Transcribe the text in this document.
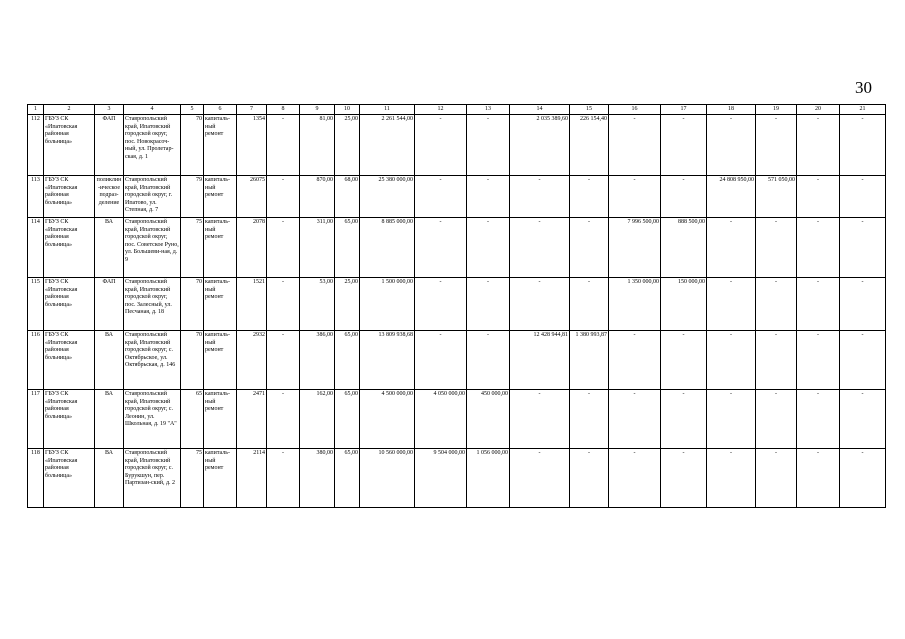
30
1	2	3	4	5	6	7	8	9	10	11	12	13	14	15	16	17	18	19	20	21
112	ГБУЗ СК «Ипатовская районная больница»	ФАП	Ставропольский край, Ипатовский городской округ, пос. Новокрасоч-ный, ул. Пролетар-ская, д. 1	70	капиталь-ный ремонт	1354	-	81,00	25,00	2 261 544,00	-	-	2 035 389,60	226 154,40	-	-	-	-	-	-
113	ГБУЗ СК «Ипатовская районная больница»	поликлин-ическое подраз-деление	Ставропольский край, Ипатовский городской округ, г. Ипатово, ул. Степная, д. 7	79	капиталь-ный ремонт	26075	-	870,00	68,00	25 380 000,00	-	-	-	-	-	-	24 808 950,00	571 050,00	-	-
114	ГБУЗ СК «Ипатовская районная больница»	ВА	Ставропольский край, Ипатовский городской округ, пос. Советское Руно, ул. Большеви-ная, д. 9	75	капиталь-ный ремонт	2078	-	311,00	65,00	8 885 000,00	-	-	-	-	7 996 500,00	888 500,00	-	-	-	-
115	ГБУЗ СК «Ипатовская районная больница»	ФАП	Ставропольский край, Ипатовский городской округ, пос. Залесный, ул. Песчаная, д. 18	70	капиталь-ный ремонт	1521	-	53,00	25,00	1 500 000,00	-	-	-	-	1 350 000,00	150 000,00	-	-	-	-
116	ГБУЗ СК «Ипатовская районная больница»	ВА	Ставропольский край, Ипатовский городской округ, с. Октябрьское, ул. Октябрьская, д. 146	70	капиталь-ный ремонт	2932	-	386,00	65,00	13 809 938,68	-	-	12 428 944,81	1 380 993,87	-	-	-	-	-	-
117	ГБУЗ СК «Ипатовская районная больница»	ВА	Ставропольский край, Ипатовский городской округ, с. Леонин, ул. Школьная, д. 19 "А"	65	капиталь-ный ремонт	2471	-	162,00	65,00	4 500 000,00	4 050 000,00	450 000,00	-	-	-	-	-	-	-	-
118	ГБУЗ СК «Ипатовская районная больница»	ВА	Ставропольский край, Ипатовский городской округ, с. Бурукшун, пер. Партизан-ский, д. 2	75	капиталь-ный ремонт	2114	-	380,00	65,00	10 560 000,00	9 504 000,00	1 056 000,00	-	-	-	-	-	-	-	-
